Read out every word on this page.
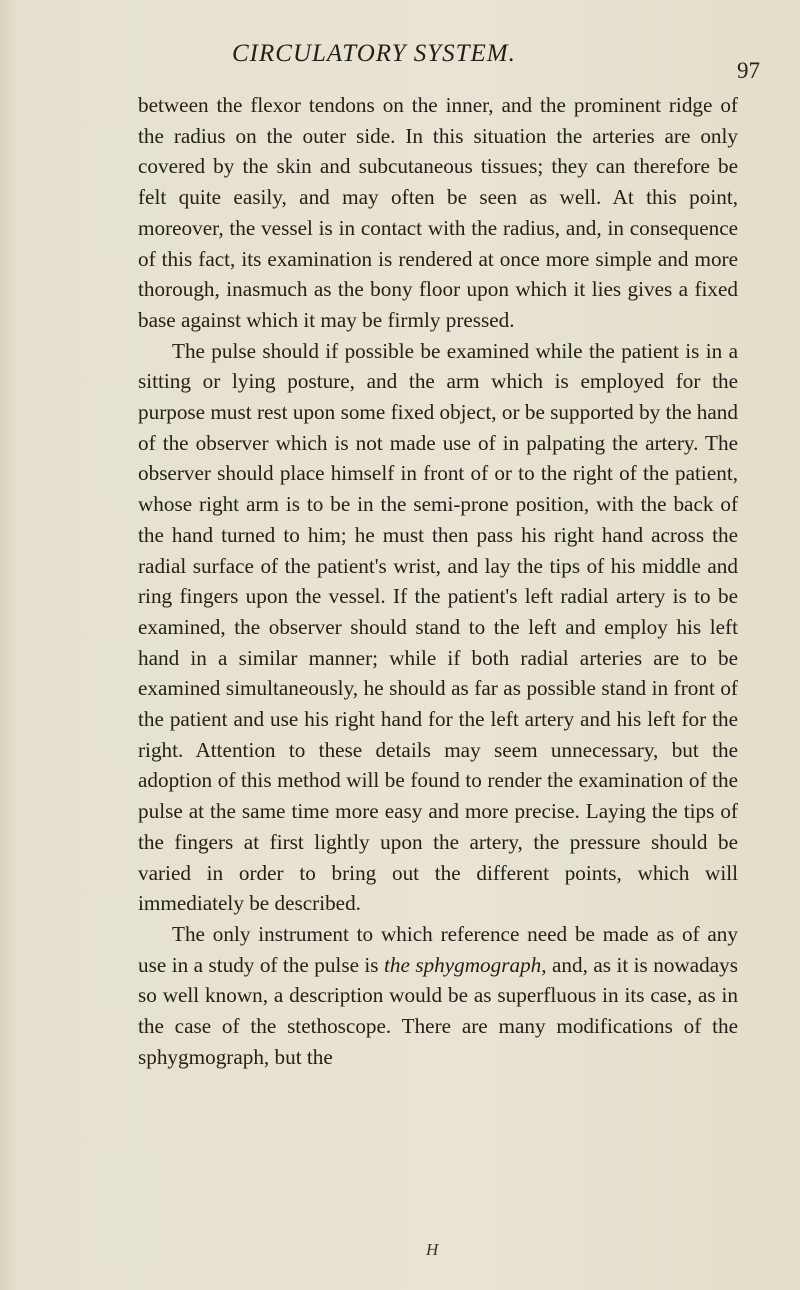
CIRCULATORY SYSTEM.

97

between the flexor tendons on the inner, and the prominent ridge of the radius on the outer side. In this situation the arteries are only covered by the skin and subcutaneous tissues; they can therefore be felt quite easily, and may often be seen as well. At this point, moreover, the vessel is in contact with the radius, and, in consequence of this fact, its examination is rendered at once more simple and more thorough, inasmuch as the bony floor upon which it lies gives a fixed base against which it may be firmly pressed.

The pulse should if possible be examined while the patient is in a sitting or lying posture, and the arm which is employed for the purpose must rest upon some fixed object, or be supported by the hand of the observer which is not made use of in palpating the artery. The observer should place himself in front of or to the right of the patient, whose right arm is to be in the semi-prone position, with the back of the hand turned to him; he must then pass his right hand across the radial surface of the patient's wrist, and lay the tips of his middle and ring fingers upon the vessel. If the patient's left radial artery is to be examined, the observer should stand to the left and employ his left hand in a similar manner; while if both radial arteries are to be examined simultaneously, he should as far as possible stand in front of the patient and use his right hand for the left artery and his left for the right. Attention to these details may seem unnecessary, but the adoption of this method will be found to render the examination of the pulse at the same time more easy and more precise. Laying the tips of the fingers at first lightly upon the artery, the pressure should be varied in order to bring out the different points, which will immediately be described.

The only instrument to which reference need be made as of any use in a study of the pulse is the sphygmograph, and, as it is nowadays so well known, a description would be as superfluous in its case, as in the case of the stethoscope. There are many modifications of the sphygmograph, but the

H
